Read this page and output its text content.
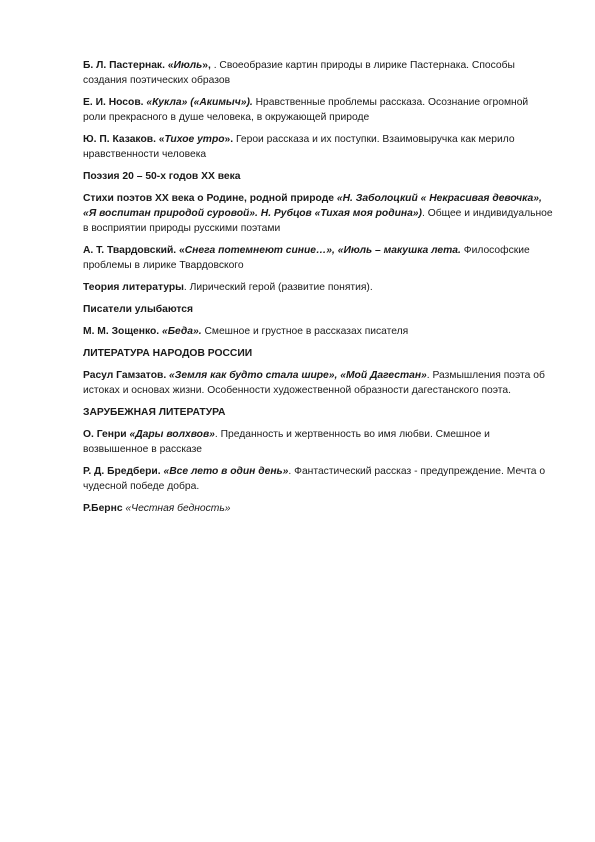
Б. Л. Пастернак. «Июль», . Своеобразие картин природы в лирике Пастернака. Способы создания поэтических образов

Е. И. Носов. «Кукла» («Акимыч»). Нравственные проблемы рассказа. Осознание огромной роли прекрасного в душе человека, в окружающей природе

Ю. П. Казаков. «Тихое утро». Герои рассказа и их поступки. Взаимовыручка как мерило нравственности человека

Поэзия 20 – 50-х годов XX века

Стихи поэтов XX века о Родине, родной природе «Н. Заболоцкий « Некрасивая девочка», «Я воспитан природой суровой». Н. Рубцов «Тихая моя родина»). Общее и индивидуальное в восприятии природы русскими поэтами

А. Т. Твардовский. «Снега потемнеют синие…», «Июль – макушка лета. Философские проблемы в лирике Твардовского

Теория литературы. Лирический герой (развитие понятия).

Писатели улыбаются

М. М. Зощенко. «Беда». Смешное и грустное в рассказах писателя

ЛИТЕРАТУРА НАРОДОВ РОССИИ

Расул Гамзатов. «Земля как будто стала шире», «Мой Дагестан». Размышления поэта об истоках и основах жизни. Особенности художественной образности дагестанского поэта.

ЗАРУБЕЖНАЯ ЛИТЕРАТУРА

О. Генри «Дары волхвов». Преданность и жертвенность во имя любви. Смешное и возвышенное в рассказе

Р. Д. Бредбери. «Все лето в один день». Фантастический рассказ - предупреждение. Мечта о чудесной победе добра.

Р.Бернс «Честная бедность»
